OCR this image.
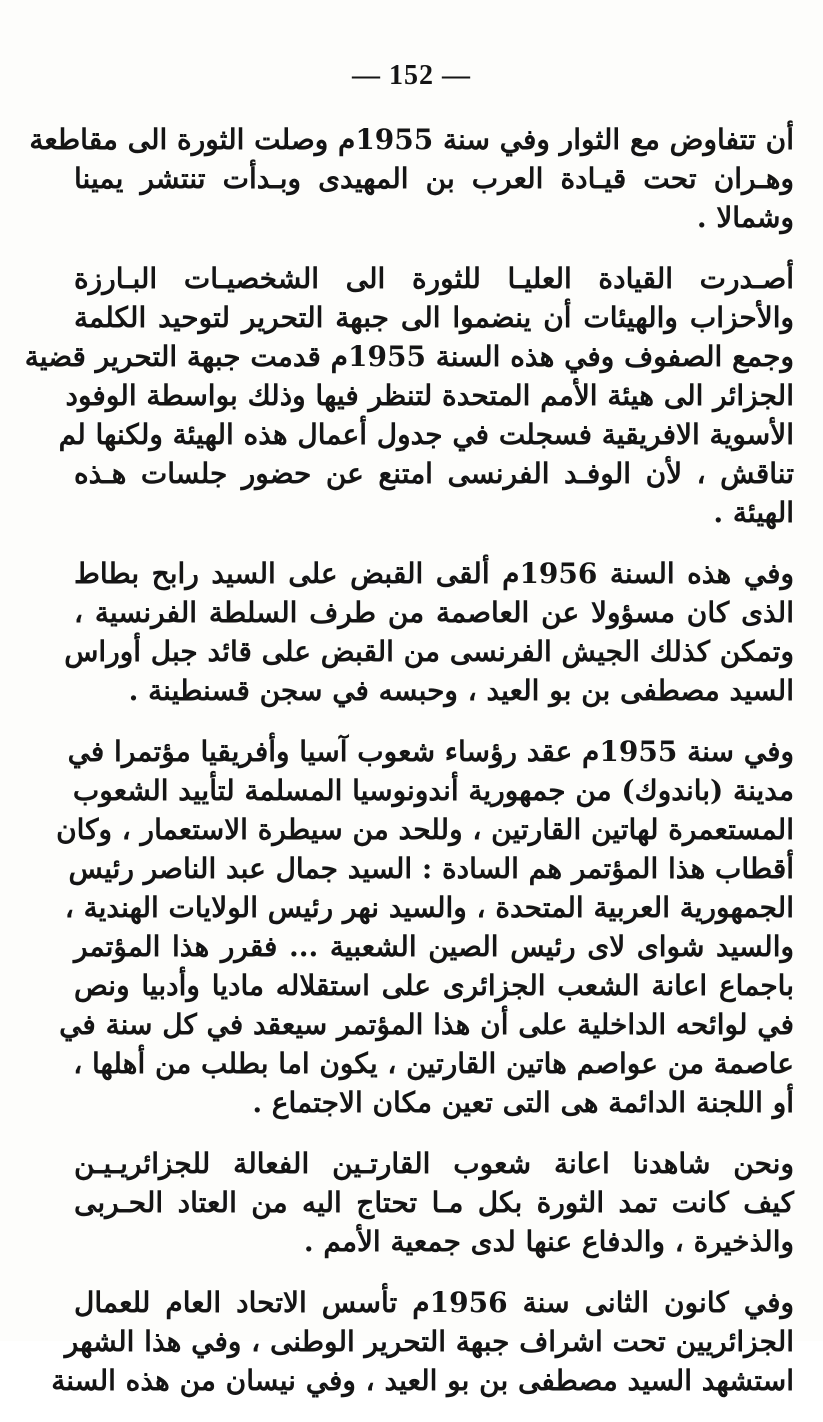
— 152 —
أن تتفاوض مع الثوار وفي سنة 1955م وصلت الثورة الى مقاطعة
وهـران تحت قيـادة العرب بن المهيدى وبـدأت تنتشر يمينا
وشمالا .
أصـدرت القيادة العليـا للثورة الى الشخصيـات البـارزة
والأحزاب والهيئات أن ينضموا الى جبهة التحرير لتوحيد الكلمة
وجمع الصفوف وفي هذه السنة 1955م قدمت جبهة التحرير قضية
الجزائر الى هيئة الأمم المتحدة لتنظر فيها وذلك بواسطة الوفود
الأسوية الافريقية فسجلت في جدول أعمال هذه الهيئة ولكنها لم
تناقش ، لأن الوفـد الفرنسى امتنع عن حضور جلسات هـذه
الهيئة .
وفي هذه السنة 1956م ألقى القبض على السيد رابح بطاط
الذى كان مسؤولا عن العاصمة من طرف السلطة الفرنسية ،
وتمكن كذلك الجيش الفرنسى من القبض على قائد جبل أوراس
السيد مصطفى بن بو العيد ، وحبسه في سجن قسنطينة .
وفي سنة 1955م عقد رؤساء شعوب آسيا وأفريقيا مؤتمرا في
مدينة (باندوك) من جمهورية أندونوسيا المسلمة لتأييد الشعوب
المستعمرة لهاتين القارتين ، وللحد من سيطرة الاستعمار ، وكان
أقطاب هذا المؤتمر هم السادة : السيد جمال عبد الناصر رئيس
الجمهورية العربية المتحدة ، والسيد نهر رئيس الولايات الهندية ،
والسيد شواى لاى رئيس الصين الشعبية ... فقرر هذا المؤتمر
باجماع اعانة الشعب الجزائرى على استقلاله ماديا وأدبيا ونص
في لوائحه الداخلية على أن هذا المؤتمر سيعقد في كل سنة في
عاصمة من عواصم هاتين القارتين ، يكون اما بطلب من أهلها ،
أو اللجنة الدائمة هى التى تعين مكان الاجتماع .
ونحن شاهدنا اعانة شعوب القارتـين الفعالة للجزائريـيـن
كيف كانت تمد الثورة بكل مـا تحتاج اليه من العتاد الحـربى
والذخيرة ، والدفاع عنها لدى جمعية الأمم .
وفي كانون الثانى سنة 1956م تأسس الاتحاد العام للعمال
الجزائريين تحت اشراف جبهة التحرير الوطنى ، وفي هذا الشهر
استشهد السيد مصطفى بن بو العيد ، وفي نيسان من هذه السنة
